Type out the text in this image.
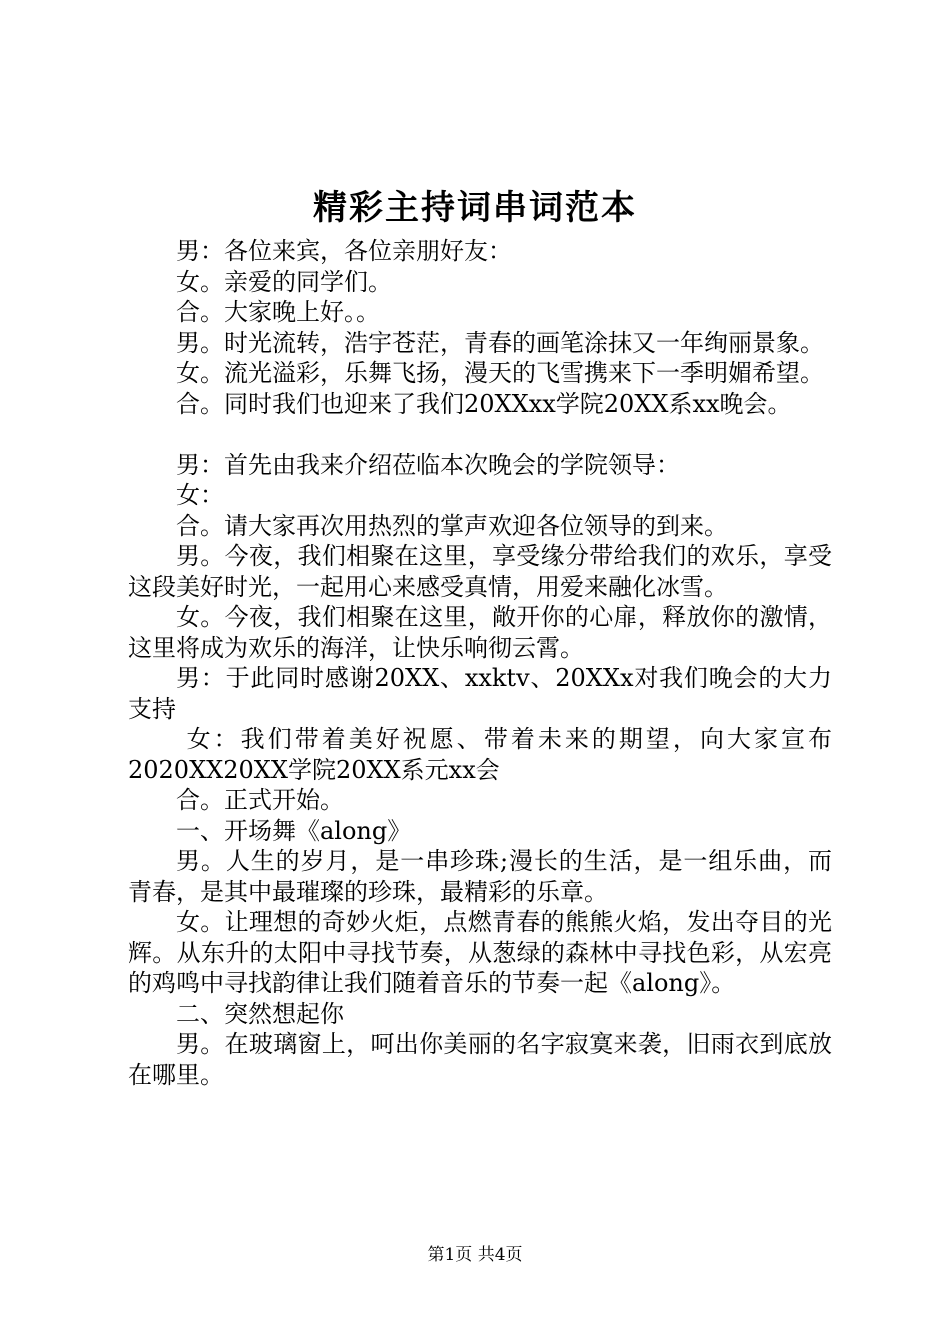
精彩主持词串词范本
男：各位来宾，各位亲朋好友：
女。亲爱的同学们。
合。大家晚上好。。
男。时光流转，浩宇苍茫，青春的画笔涂抹又一年绚丽景象。
女。流光溢彩，乐舞飞扬，漫天的飞雪携来下一季明媚希望。
合。同时我们也迎来了我们20XXxx学院20XX系xx晚会。
男：首先由我来介绍莅临本次晚会的学院领导：
女：
合。请大家再次用热烈的掌声欢迎各位领导的到来。
男。今夜，我们相聚在这里，享受缘分带给我们的欢乐，享受这段美好时光，一起用心来感受真情，用爱来融化冰雪。
女。今夜，我们相聚在这里，敞开你的心扉，释放你的激情，这里将成为欢乐的海洋，让快乐响彻云霄。
男：于此同时感谢20XX、xxktv、20XXx对我们晚会的大力支持
女：我们带着美好祝愿、带着未来的期望，向大家宣布2020XX20XX学院20XX系元xx会
合。正式开始。
一、开场舞《along》
男。人生的岁月，是一串珍珠;漫长的生活，是一组乐曲，而青春，是其中最璀璨的珍珠，最精彩的乐章。
女。让理想的奇妙火炬，点燃青春的熊熊火焰，发出夺目的光辉。从东升的太阳中寻找节奏，从葱绿的森林中寻找色彩，从宏亮的鸡鸣中寻找韵律让我们随着音乐的节奏一起《along》。
二、突然想起你
男。在玻璃窗上，呵出你美丽的名字寂寞来袭，旧雨衣到底放在哪里。
第1页 共4页
